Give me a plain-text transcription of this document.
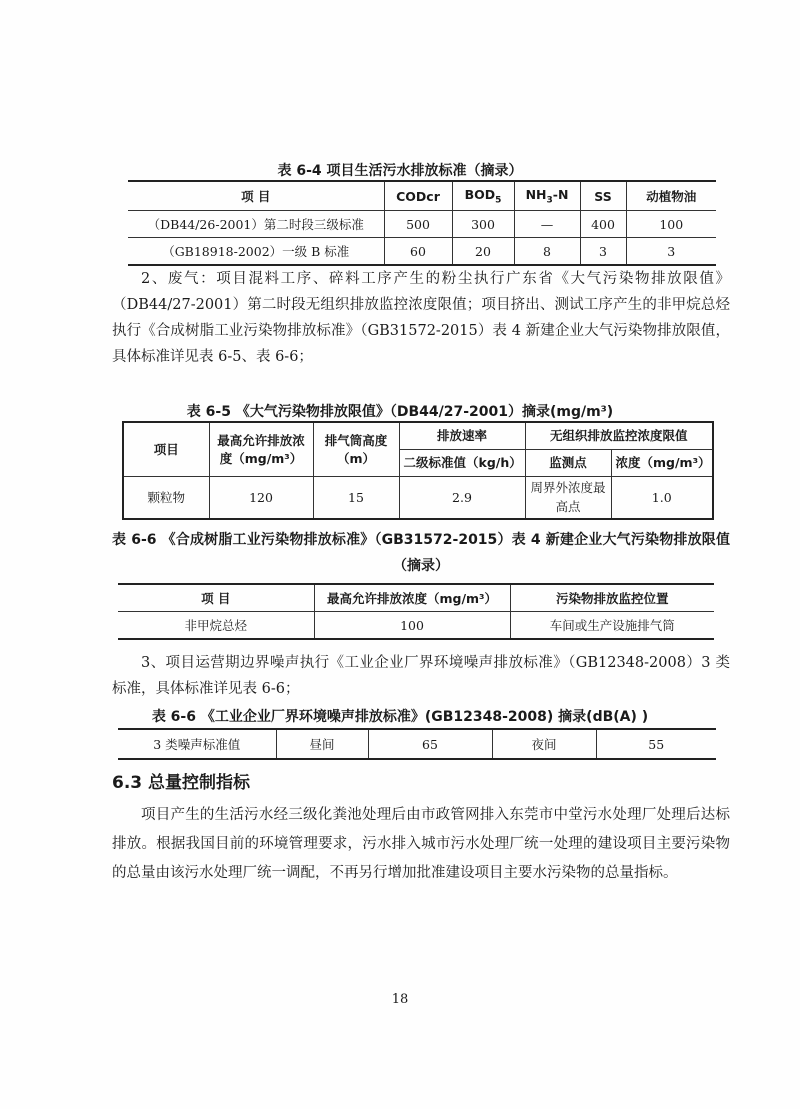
表 6-4 项目生活污水排放标准（摘录）
项 目	CODcr	$BOD_5$	$NH_3-N$	SS	动植物油
（DB44/26-2001）第二时段三级标准	500	300	—	400	100
（GB18918-2002）一级 B 标准	60	20	8	3	3

2、废气：项目混料工序、碎料工序产生的粉尘执行广东省《大气污染物排放限值》（DB44/27-2001）第二时段无组织排放监控浓度限值；项目挤出、测试工序产生的非甲烷总烃执行《合成树脂工业污染物排放标准》（GB31572-2015）表 4 新建企业大气污染物排放限值，具体标准详见表 6-5、表 6-6；

表 6-5 《大气污染物排放限值》（DB44/27-2001）摘录(mg/m³)
项目	最高允许排放浓度（mg/m³）	排气筒高度（m）	排放速率	无组织排放监控浓度限值	
			二级标准值（kg/h）	监测点	浓度（mg/m³）
颗粒物	120	15	2.9	周界外浓度最高点	1.0
表 6-6 《合成树脂工业污染物排放标准》（GB31572-2015）表 4 新建企业大气污染物排放限值（摘录）
项 目	最高允许排放浓度（mg/m³）	污染物排放监控位置
非甲烷总烃	100	车间或生产设施排气筒

3、项目运营期边界噪声执行《工业企业厂界环境噪声排放标准》（GB12348-2008）3 类标准，具体标准详见表 6-6；

表 6-6 《工业企业厂界环境噪声排放标准》(GB12348-2008) 摘录(dB(A) )
3 类噪声标准值	昼间	65	夜间	55
6.3 总量控制指标

项目产生的生活污水经三级化粪池处理后由市政管网排入东莞市中堂污水处理厂处理后达标排放。根据我国目前的环境管理要求，污水排入城市污水处理厂统一处理的建设项目主要污染物的总量由该污水处理厂统一调配，不再另行增加批准建设项目主要水污染物的总量指标。

18
